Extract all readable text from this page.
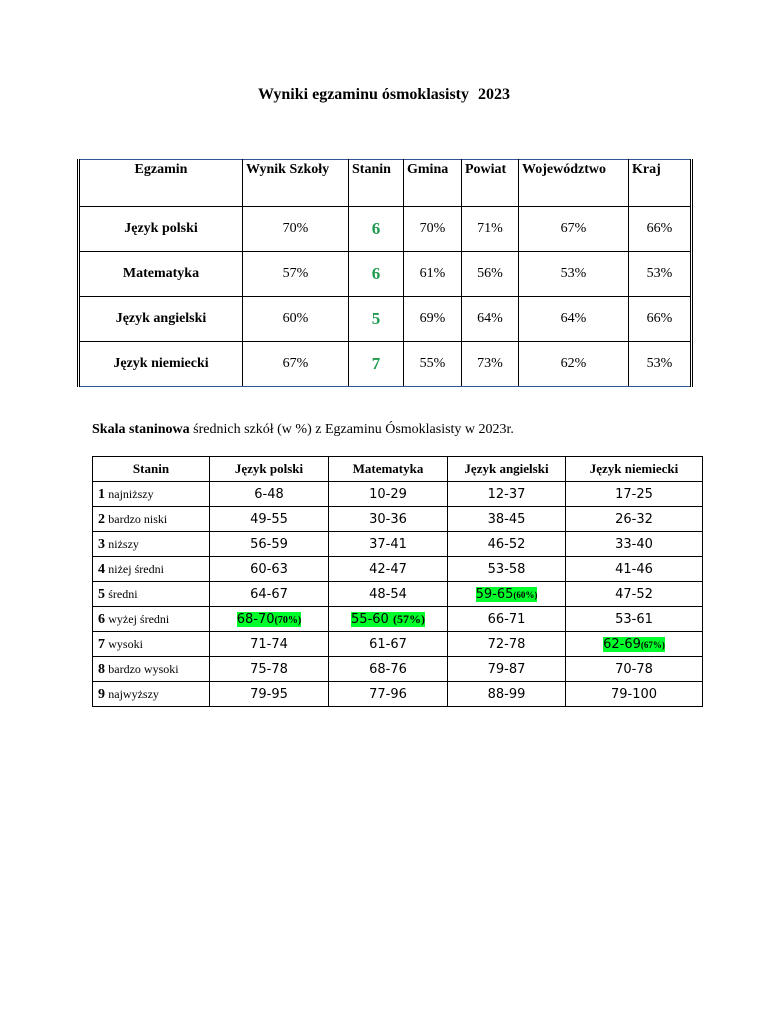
Wyniki egzaminu ósmoklasisty 2023
Egzamin	Wynik Szkoły	Stanin	Gmina	Powiat	Województwo	Kraj
Język polski	70%	6	70%	71%	67%	66%
Matematyka	57%	6	61%	56%	53%	53%
Język angielski	60%	5	69%	64%	64%	66%
Język niemiecki	67%	7	55%	73%	62%	53%
Skala staninowa średnich szkół (w %) z Egzaminu Ósmoklasisty w 2023r.
Stanin	Język polski	Matematyka	Język angielski	Język niemiecki
1 najniższy	6-48	10-29	12-37	17-25
2 bardzo niski	49-55	30-36	38-45	26-32
3 niższy	56-59	37-41	46-52	33-40
4 niżej średni	60-63	42-47	53-58	41-46
5 średni	64-67	48-54	59-65(60%)	47-52
6 wyżej średni	68-70(70%)	55-60 (57%)	66-71	53-61
7 wysoki	71-74	61-67	72-78	62-69(67%)
8 bardzo wysoki	75-78	68-76	79-87	70-78
9 najwyższy	79-95	77-96	88-99	79-100
